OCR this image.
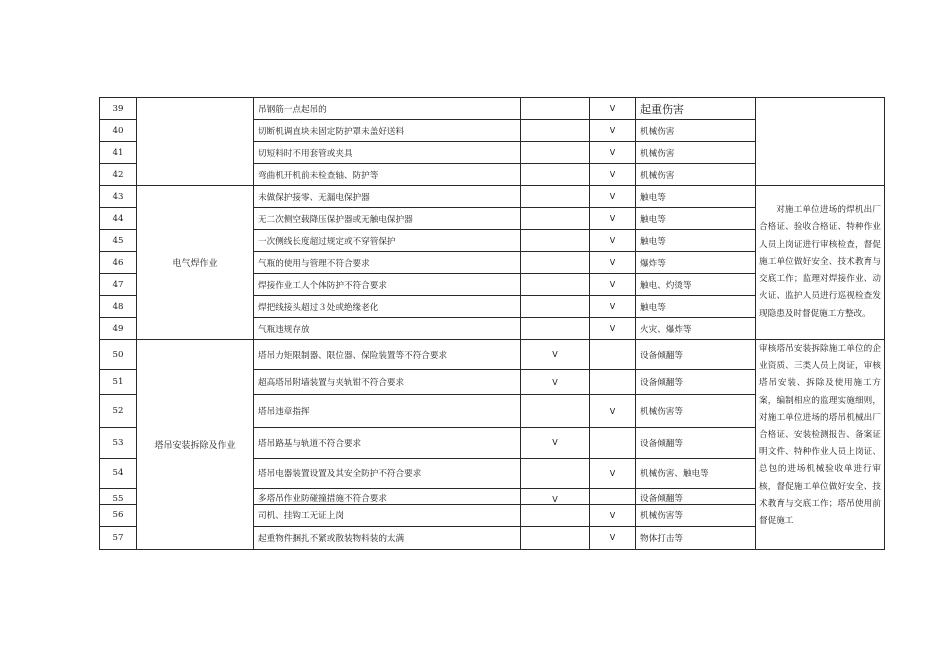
39		吊钢筋一点起吊的		V	起重伤害	
40		切断机调直块未固定防护罩未盖好送料		V	机械伤害	
41		切短料时不用套管或夹具		V	机械伤害	
42		弯曲机开机前未检查轴、防护等		V	机械伤害	
43	电气焊作业	未做保护接零、无漏电保护器		V	触电等	对施工单位进场的焊机出厂合格证、验收合格证、特种作业人员上岗证进行审核检查，督促施工单位做好安全、技术教育与交底工作；监理对焊接作业、动火证、监护人员进行巡视检查发现隐患及时督促施工方整改。
44		无二次侧空载降压保护器或无触电保护器		V	触电等	
45		一次侧线长度超过规定或不穿管保护		V	触电等	
46		气瓶的使用与管理不符合要求		V	爆炸等	
47		焊接作业工人个体防护不符合要求		V	触电、灼烫等	
48		焊把线接头超过３处或绝缘老化		V	触电等	
49		气瓶违规存放		V	火灾、爆炸等	
50	塔吊安装拆除及作业	塔吊力矩限制器、限位器、保险装置等不符合要求	V		设备倾翻等	审核塔吊安装拆除施工单位的企业资质、三类人员上岗证，审核塔吊安装、拆除及使用施工方案，编制相应的监理实施细则，对施工单位进场的塔吊机械出厂合格证、安装检测报告、备案证明文件、特种作业人员上岗证、总包的进场机械验收单进行审核，督促施工单位做好安全、技术教育与交底工作；塔吊使用前督促施工

51		超高塔吊附墙装置与夹轨钳不符合要求	V		设备倾翻等	
52		塔吊违章指挥		V	机械伤害等	
53		塔吊路基与轨道不符合要求	V		设备倾翻等	
54		塔吊电器装置设置及其安全防护不符合要求		V	机械伤害、触电等	
55		多塔吊作业防碰撞措施不符合要求	V		设备倾翻等	
56		司机、挂钩工无证上岗		V	机械伤害等	
57		起重物件捆扎不紧或散装物料装的太满		V	物体打击等	
